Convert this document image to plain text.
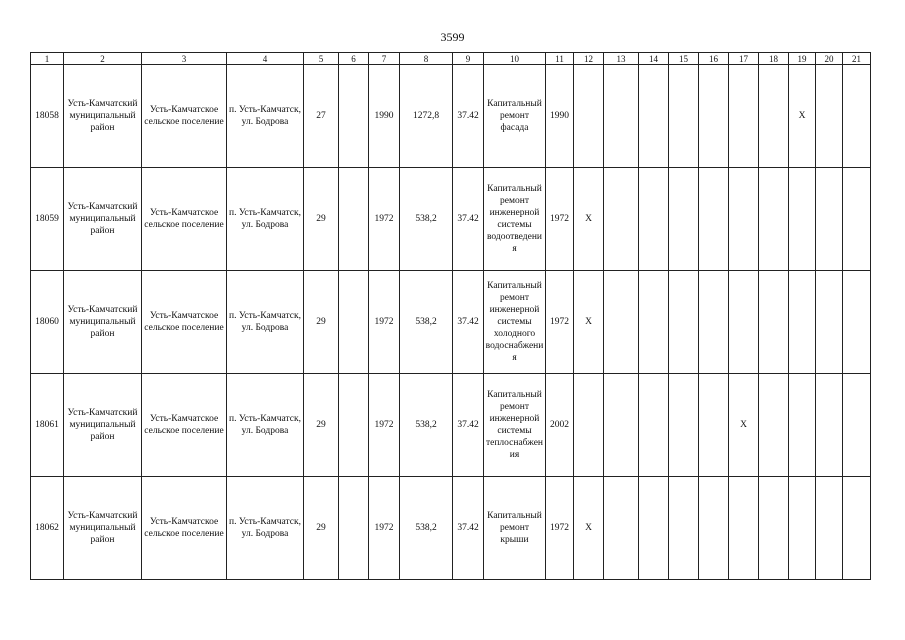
3599
1	2	3	4	5	6	7	8	9	10	11	12	13	14	15	16	17	18	19	20	21
18058	Усть-Камчатский муниципальный район	Усть-Камчатское сельское поселение	п. Усть-Камчатск, ул. Бодрова	27		1990	1272,8	37.42	Капитальный ремонт фасада	1990								X		
18059	Усть-Камчатский муниципальный район	Усть-Камчатское сельское поселение	п. Усть-Камчатск, ул. Бодрова	29		1972	538,2	37.42	Капитальный ремонт инженерной системы водоотведения	1972	X									
18060	Усть-Камчатский муниципальный район	Усть-Камчатское сельское поселение	п. Усть-Камчатск, ул. Бодрова	29		1972	538,2	37.42	Капитальный ремонт инженерной системы холодного водоснабжения	1972	X									
18061	Усть-Камчатский муниципальный район	Усть-Камчатское сельское поселение	п. Усть-Камчатск, ул. Бодрова	29		1972	538,2	37.42	Капитальный ремонт инженерной системы теплоснабжения	2002						X				
18062	Усть-Камчатский муниципальный район	Усть-Камчатское сельское поселение	п. Усть-Камчатск, ул. Бодрова	29		1972	538,2	37.42	Капитальный ремонт крыши	1972	X									
